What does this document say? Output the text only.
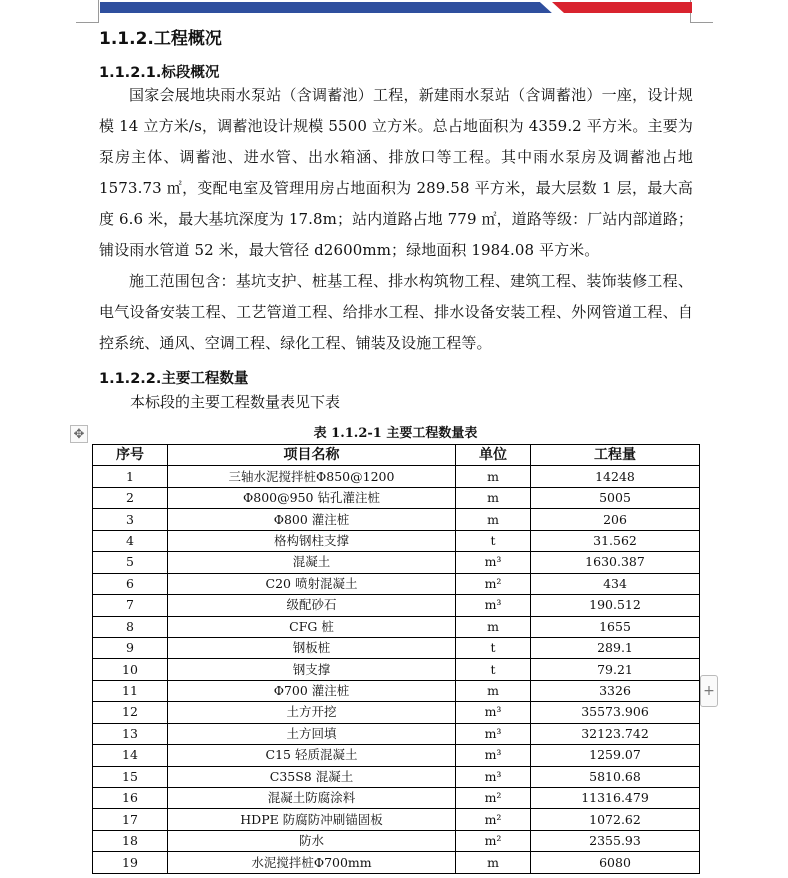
1.1.2.工程概况
1.1.2.1.标段概况

国家会展地块雨水泵站（含调蓄池）工程，新建雨水泵站（含调蓄池）一座，设计规模 14 立方米/s，调蓄池设计规模 5500 立方米。总占地面积为 4359.2 平方米。主要为泵房主体、调蓄池、进水管、出水箱涵、排放口等工程。其中雨水泵房及调蓄池占地 1573.73 ㎡，变配电室及管理用房占地面积为 289.58 平方米，最大层数 1 层，最大高度 6.6 米，最大基坑深度为 17.8m；站内道路占地 779 ㎡，道路等级：厂站内部道路；铺设雨水管道 52 米，最大管径 d2600mm；绿地面积 1984.08 平方米。

施工范围包含：基坑支护、桩基工程、排水构筑物工程、建筑工程、装饰装修工程、电气设备安装工程、工艺管道工程、给排水工程、排水设备安装工程、外网管道工程、自控系统、通风、空调工程、绿化工程、铺装及设施工程等。

1.1.2.2.主要工程数量

本标段的主要工程数量表见下表

✥	表 1.1.2-1 主要工程数量表

序号	项目名称	单位	工程量
1	三轴水泥搅拌桩Φ850@1200	m	14248
2	Φ800@950 钻孔灌注桩	m	5005
3	Φ800 灌注桩	m	206
4	格构钢柱支撑	t	31.562
5	混凝土	m³	1630.387
6	C20 喷射混凝土	m²	434
7	级配砂石	m³	190.512
8	CFG 桩	m	1655
9	钢板桩	t	289.1
10	钢支撑	t	79.21
11	Φ700 灌注桩	m	3326
12	土方开挖	m³	35573.906
13	土方回填	m³	32123.742
14	C15 轻质混凝土	m³	1259.07
15	C35S8 混凝土	m³	5810.68
16	混凝土防腐涂料	m²	11316.479
17	HDPE 防腐防冲刷锚固板	m²	1072.62
18	防水	m²	2355.93
19	水泥搅拌桩Φ700mm	m	6080
+
